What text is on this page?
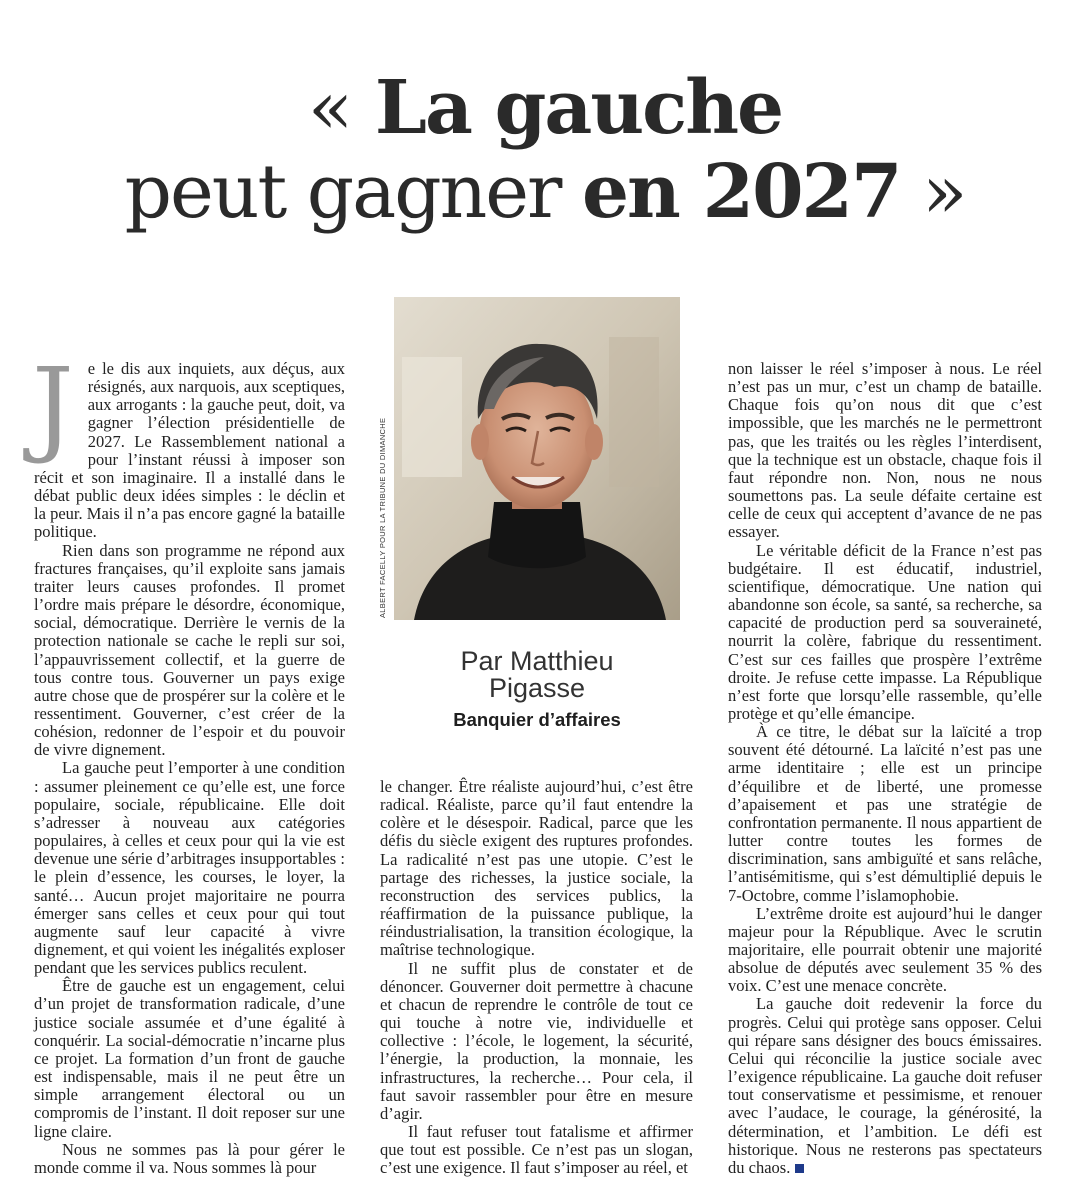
« La gauche
peut gagner en 2027 »
J e le dis aux inquiets, aux déçus, aux résignés, aux narquois, aux sceptiques, aux arrogants : la gauche peut, doit, va gagner l’élection présidentielle de 2027. Le Rassemblement national a pour l’instant réussi à imposer son récit et son imaginaire. Il a installé dans le débat public deux idées simples : le déclin et la peur. Mais il n’a pas encore gagné la bataille politique.

Rien dans son programme ne répond aux fractures françaises, qu’il exploite sans jamais traiter leurs causes profondes. Il promet l’ordre mais prépare le désordre, économique, social, démocratique. Derrière le vernis de la protection nationale se cache le repli sur soi, l’appauvrissement collectif, et la guerre de tous contre tous. Gouverner un pays exige autre chose que de prospérer sur la colère et le ressentiment. Gouverner, c’est créer de la cohésion, redonner de l’espoir et du pouvoir de vivre dignement.

La gauche peut l’emporter à une condition : assumer pleinement ce qu’elle est, une force populaire, sociale, républicaine. Elle doit s’adresser à nouveau aux catégories populaires, à celles et ceux pour qui la vie est devenue une série d’arbitrages insupportables : le plein d’essence, les courses, le loyer, la santé… Aucun projet majoritaire ne pourra émerger sans celles et ceux pour qui tout augmente sauf leur capacité à vivre dignement, et qui voient les inégalités exploser pendant que les services publics reculent.

Être de gauche est un engagement, celui d’un projet de transformation radicale, d’une justice sociale assumée et d’une égalité à conquérir. La social-démocratie n’incarne plus ce projet. La formation d’un front de gauche est indispensable, mais il ne peut être un simple arrangement électoral ou un compromis de l’instant. Il doit reposer sur une ligne claire.

Nous ne sommes pas là pour gérer le monde comme il va. Nous sommes là pour

ALBERT FACELLY POUR LA TRIBUNE DU DIMANCHE
Par Matthieu
Pigasse
Banquier d’affaires

le changer. Être réaliste aujourd’hui, c’est être radical. Réaliste, parce qu’il faut entendre la colère et le désespoir. Radical, parce que les défis du siècle exigent des ruptures profondes. La radicalité n’est pas une utopie. C’est le partage des richesses, la justice sociale, la reconstruction des services publics, la réaffirmation de la puissance publique, la réindustrialisation, la transition écologique, la maîtrise technologique.

Il ne suffit plus de constater et de dénoncer. Gouverner doit permettre à chacune et chacun de reprendre le contrôle de tout ce qui touche à notre vie, individuelle et collective : l’école, le logement, la sécurité, l’énergie, la production, la monnaie, les infrastructures, la recherche… Pour cela, il faut savoir rassembler pour être en mesure d’agir.

Il faut refuser tout fatalisme et affirmer que tout est possible. Ce n’est pas un slogan, c’est une exigence. Il faut s’imposer au réel, et

non laisser le réel s’imposer à nous. Le réel n’est pas un mur, c’est un champ de bataille. Chaque fois qu’on nous dit que c’est impossible, que les marchés ne le permettront pas, que les traités ou les règles l’interdisent, que la technique est un obstacle, chaque fois il faut répondre non. Non, nous ne nous soumettons pas. La seule défaite certaine est celle de ceux qui acceptent d’avance de ne pas essayer.

Le véritable déficit de la France n’est pas budgétaire. Il est éducatif, industriel, scientifique, démocratique. Une nation qui abandonne son école, sa santé, sa recherche, sa capacité de production perd sa souveraineté, nourrit la colère, fabrique du ressentiment. C’est sur ces failles que prospère l’extrême droite. Je refuse cette impasse. La République n’est forte que lorsqu’elle rassemble, qu’elle protège et qu’elle émancipe.

À ce titre, le débat sur la laïcité a trop souvent été détourné. La laïcité n’est pas une arme identitaire ; elle est un principe d’équilibre et de liberté, une promesse d’apaisement et pas une stratégie de confrontation permanente. Il nous appartient de lutter contre toutes les formes de discrimination, sans ambiguïté et sans relâche, l’antisémitisme, qui s’est démultiplié depuis le 7-Octobre, comme l’islamophobie.

L’extrême droite est aujourd’hui le danger majeur pour la République. Avec le scrutin majoritaire, elle pourrait obtenir une majorité absolue de députés avec seulement 35 % des voix. C’est une menace concrète.

La gauche doit redevenir la force du progrès. Celui qui protège sans opposer. Celui qui répare sans désigner des boucs émissaires. Celui qui réconcilie la justice sociale avec l’exigence républicaine. La gauche doit refuser tout conservatisme et pessimisme, et renouer avec l’audace, le courage, la générosité, la détermination, et l’ambition. Le défi est historique. Nous ne resterons pas spectateurs du chaos.
